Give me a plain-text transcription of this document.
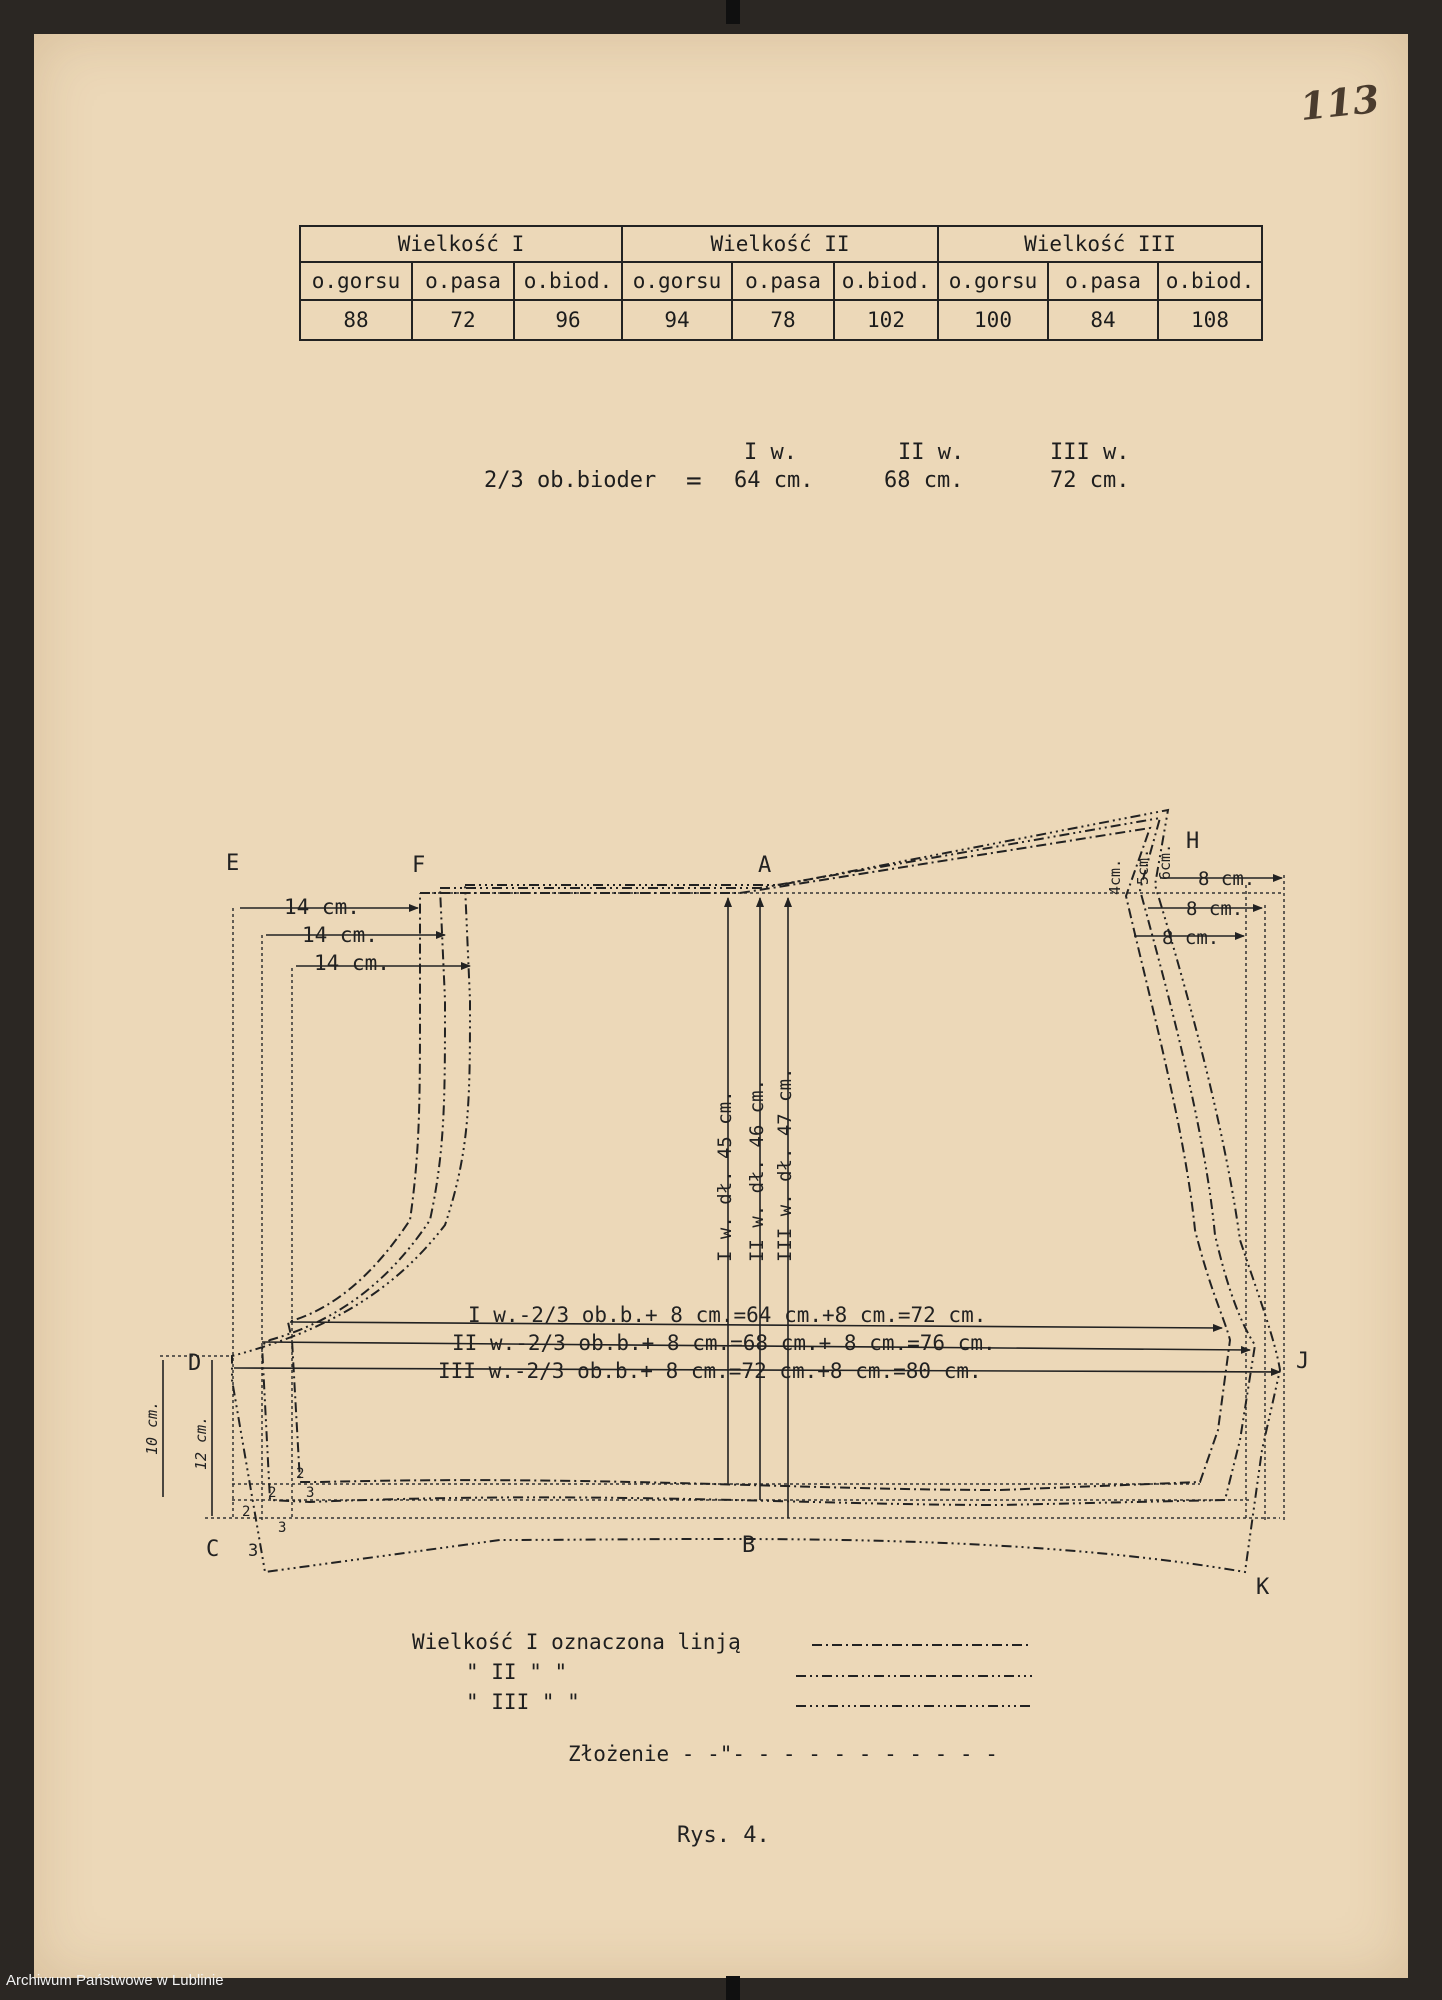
113
Wielkość I			Wielkość II			Wielkość III		
o.gorsu	o.pasa	o.biod.	o.gorsu	o.pasa	o.biod.	o.gorsu	o.pasa	o.biod.
88	72	96	94	78	102	100	84	108
I w.	II w.	III w.
2/3 ob.bioder = 64 cm.	68 cm.	72 cm.
E	F	A
H
D	J
C	B
K
14 cm.
14 cm.
14 cm.
8 cm.
8 cm.
8 cm.
4cm. 5cm. 6cm.
I w. dł. 45 cm. II w. dł. 46 cm. III w. dł. 47 cm.
I w.-2/3 ob.b.+ 8 cm.=64 cm.+8 cm.=72 cm.
II w.-2/3 ob.b.+ 8 cm.=68 cm.+ 8 cm.=76 cm.
III w.-2/3 ob.b.+ 8 cm.=72 cm.+8 cm.=80 cm.
10 cm. 12 cm.
2
2
2
3
3
3
Wielkość I oznaczona linją
" II " "
" III " "
Złożenie - -"- - - - - - - - - - -
Rys. 4.
Archiwum Państwowe w Lublinie
